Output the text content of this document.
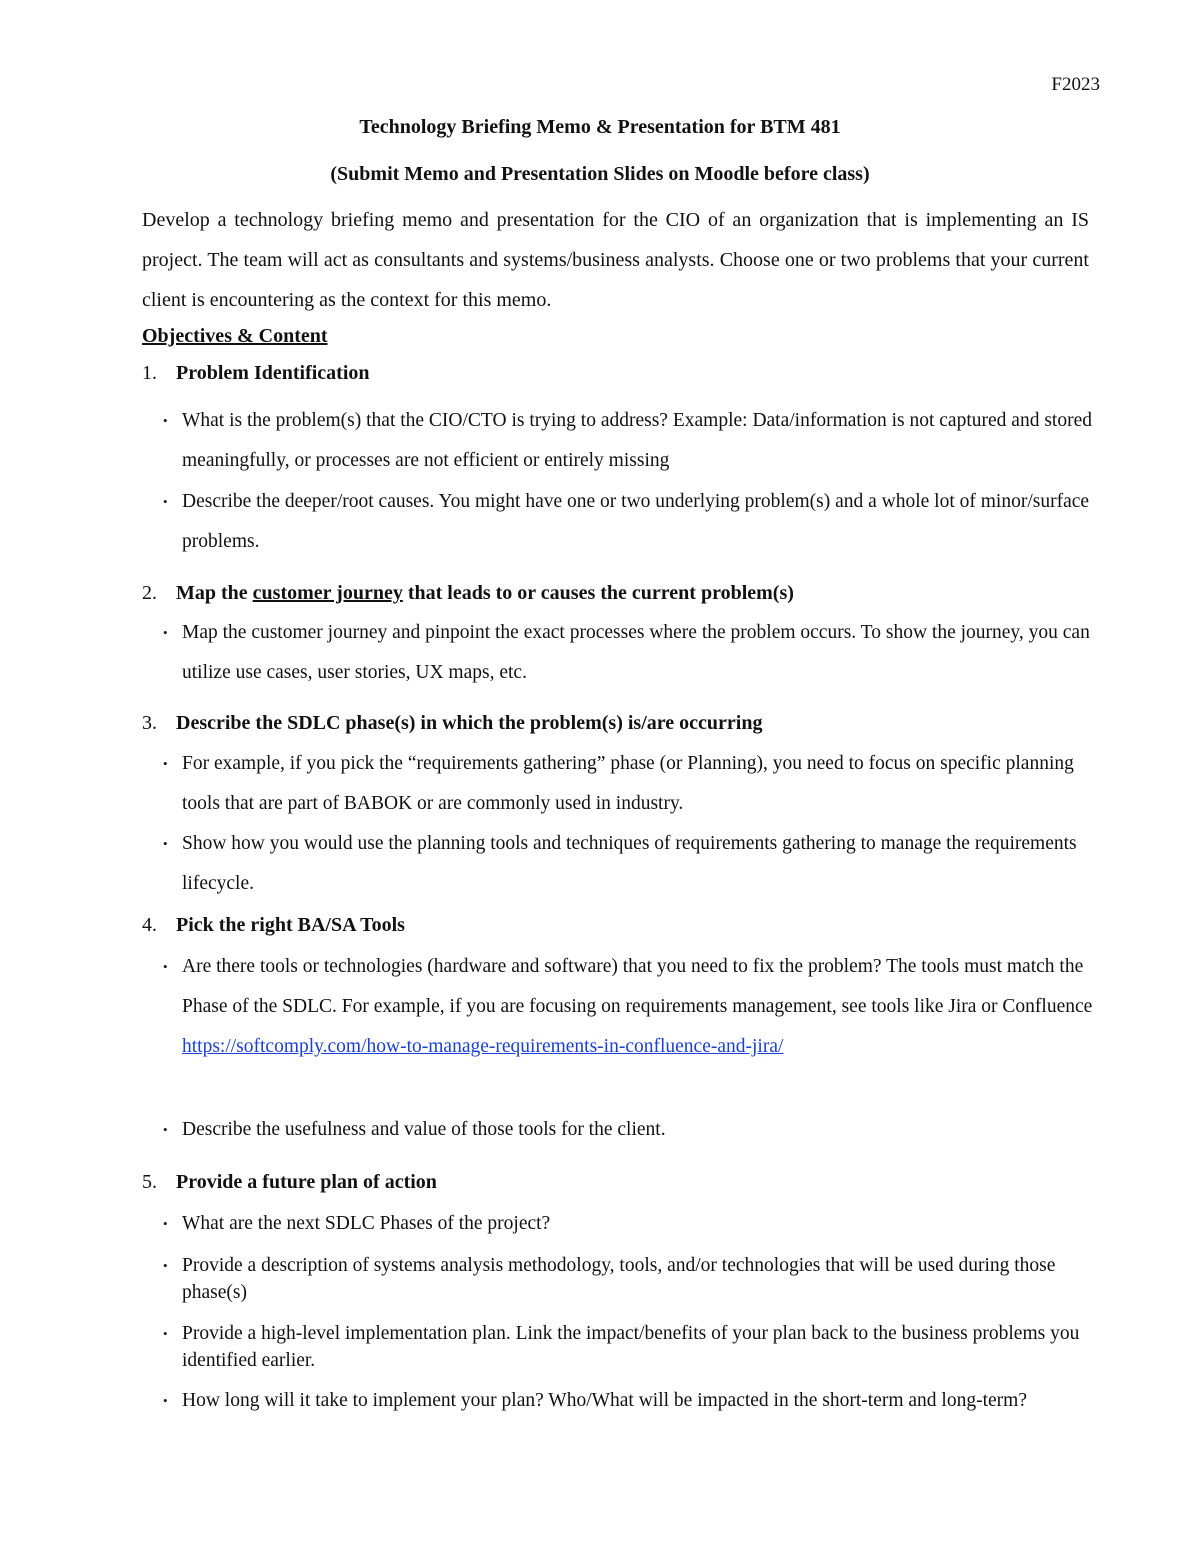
F2023
Technology Briefing Memo & Presentation for BTM 481
(Submit Memo and Presentation Slides on Moodle before class)
Develop a technology briefing memo and presentation for the CIO of an organization that is implementing an IS project. The team will act as consultants and systems/business analysts. Choose one or two problems that your current client is encountering as the context for this memo.
Objectives & Content
1. Problem Identification
• What is the problem(s) that the CIO/CTO is trying to address? Example: Data/information is not captured and stored meaningfully, or processes are not efficient or entirely missing
• Describe the deeper/root causes. You might have one or two underlying problem(s) and a whole lot of minor/surface problems.
2. Map the customer journey that leads to or causes the current problem(s)
• Map the customer journey and pinpoint the exact processes where the problem occurs. To show the journey, you can utilize use cases, user stories, UX maps, etc.
3. Describe the SDLC phase(s) in which the problem(s) is/are occurring
• For example, if you pick the “requirements gathering” phase (or Planning), you need to focus on specific planning tools that are part of BABOK or are commonly used in industry.
• Show how you would use the planning tools and techniques of requirements gathering to manage the requirements lifecycle.
4. Pick the right BA/SA Tools
• Are there tools or technologies (hardware and software) that you need to fix the problem? The tools must match the Phase of the SDLC. For example, if you are focusing on requirements management, see tools like Jira or Confluence https://softcomply.com/how-to-manage-requirements-in-confluence-and-jira/
• Describe the usefulness and value of those tools for the client.
5. Provide a future plan of action
• What are the next SDLC Phases of the project?
• Provide a description of systems analysis methodology, tools, and/or technologies that will be used during those phase(s)
• Provide a high-level implementation plan. Link the impact/benefits of your plan back to the business problems you identified earlier.
• How long will it take to implement your plan? Who/What will be impacted in the short-term and long-term?
